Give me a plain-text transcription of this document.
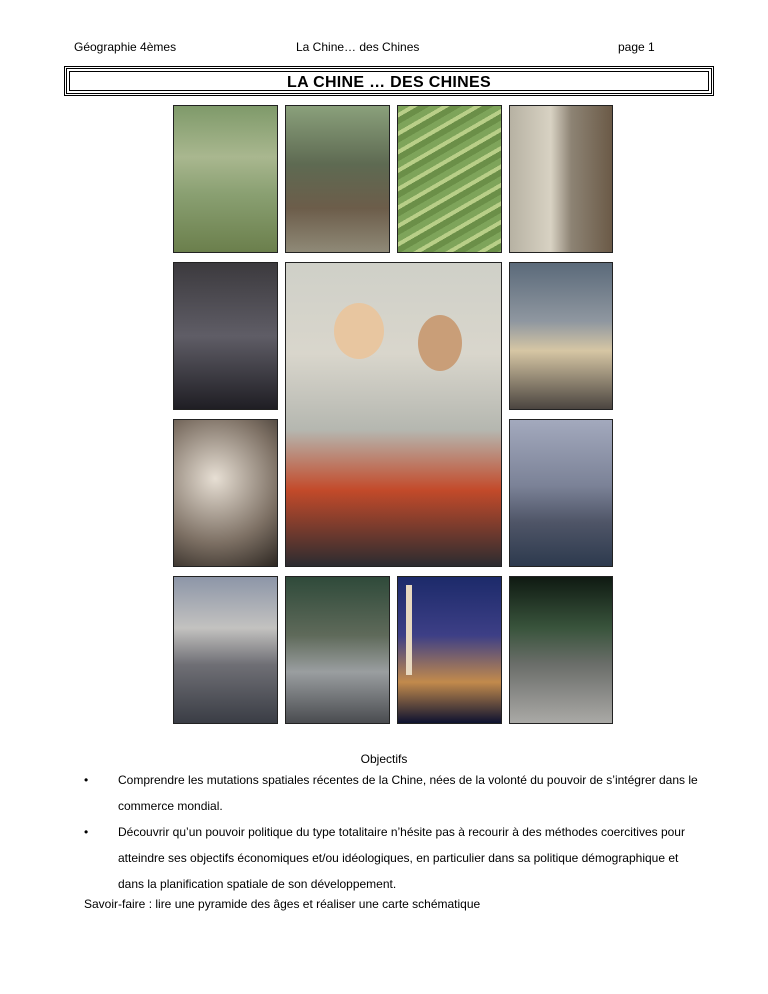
Géographie 4èmes	La Chine… des Chines	page 1
LA CHINE … DES CHINES
Objectifs
• Comprendre les mutations spatiales récentes de la Chine, nées de la volonté du pouvoir de s’intégrer dans le commerce mondial.
• Découvrir qu’un pouvoir politique du type totalitaire n’hésite pas à recourir à des méthodes coercitives pour atteindre ses objectifs économiques et/ou idéologiques, en particulier dans sa politique démographique et dans la planification spatiale de son développement.
Savoir-faire : lire une pyramide des âges et réaliser une carte schématique
